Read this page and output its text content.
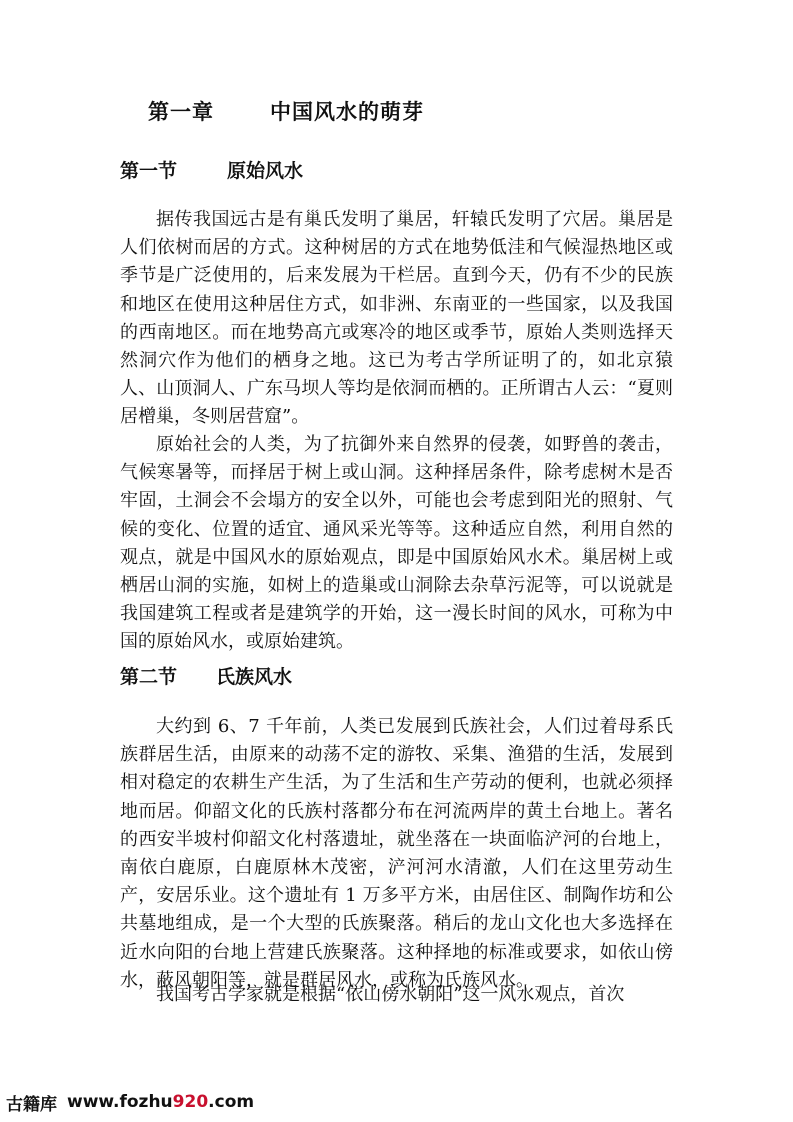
第一章	中国风水的萌芽
第一节	原始风水

据传我国远古是有巢氏发明了巢居，轩辕氏发明了穴居。巢居是人们依树而居的方式。这种树居的方式在地势低洼和气候湿热地区或季节是广泛使用的，后来发展为干栏居。直到今天，仍有不少的民族和地区在使用这种居住方式，如非洲、东南亚的一些国家，以及我国的西南地区。而在地势高亢或寒冷的地区或季节，原始人类则选择天然洞穴作为他们的栖身之地。这已为考古学所证明了的，如北京猿人、山顶洞人、广东马坝人等均是依洞而栖的。正所谓古人云：“夏则居橧巢，冬则居营窟”。

原始社会的人类，为了抗御外来自然界的侵袭，如野兽的袭击，气候寒暑等，而择居于树上或山洞。这种择居条件，除考虑树木是否牢固，土洞会不会塌方的安全以外，可能也会考虑到阳光的照射、气候的变化、位置的适宜、通风采光等等。这种适应自然，利用自然的观点，就是中国风水的原始观点，即是中国原始风水术。巢居树上或栖居山洞的实施，如树上的造巢或山洞除去杂草污泥等，可以说就是我国建筑工程或者是建筑学的开始，这一漫长时间的风水，可称为中国的原始风水，或原始建筑。

第二节 氏族风水

大约到 6、7 千年前，人类已发展到氏族社会，人们过着母系氏族群居生活，由原来的动荡不定的游牧、采集、渔猎的生活，发展到相对稳定的农耕生产生活，为了生活和生产劳动的便利，也就必须择地而居。仰韶文化的氏族村落都分布在河流两岸的黄土台地上。著名的西安半坡村仰韶文化村落遗址，就坐落在一块面临浐河的台地上，南依白鹿原，白鹿原林木茂密，浐河河水清澈，人们在这里劳动生产，安居乐业。这个遗址有 1 万多平方米，由居住区、制陶作坊和公共墓地组成，是一个大型的氏族聚落。稍后的龙山文化也大多选择在近水向阳的台地上营建氏族聚落。这种择地的标准或要求，如依山傍水，蔽风朝阳等，就是群居风水，或称为氏族风水。

我国考古学家就是根据“依山傍水朝阳”这一风水观点，首次

古籍库 www.fozhu 920 .com
